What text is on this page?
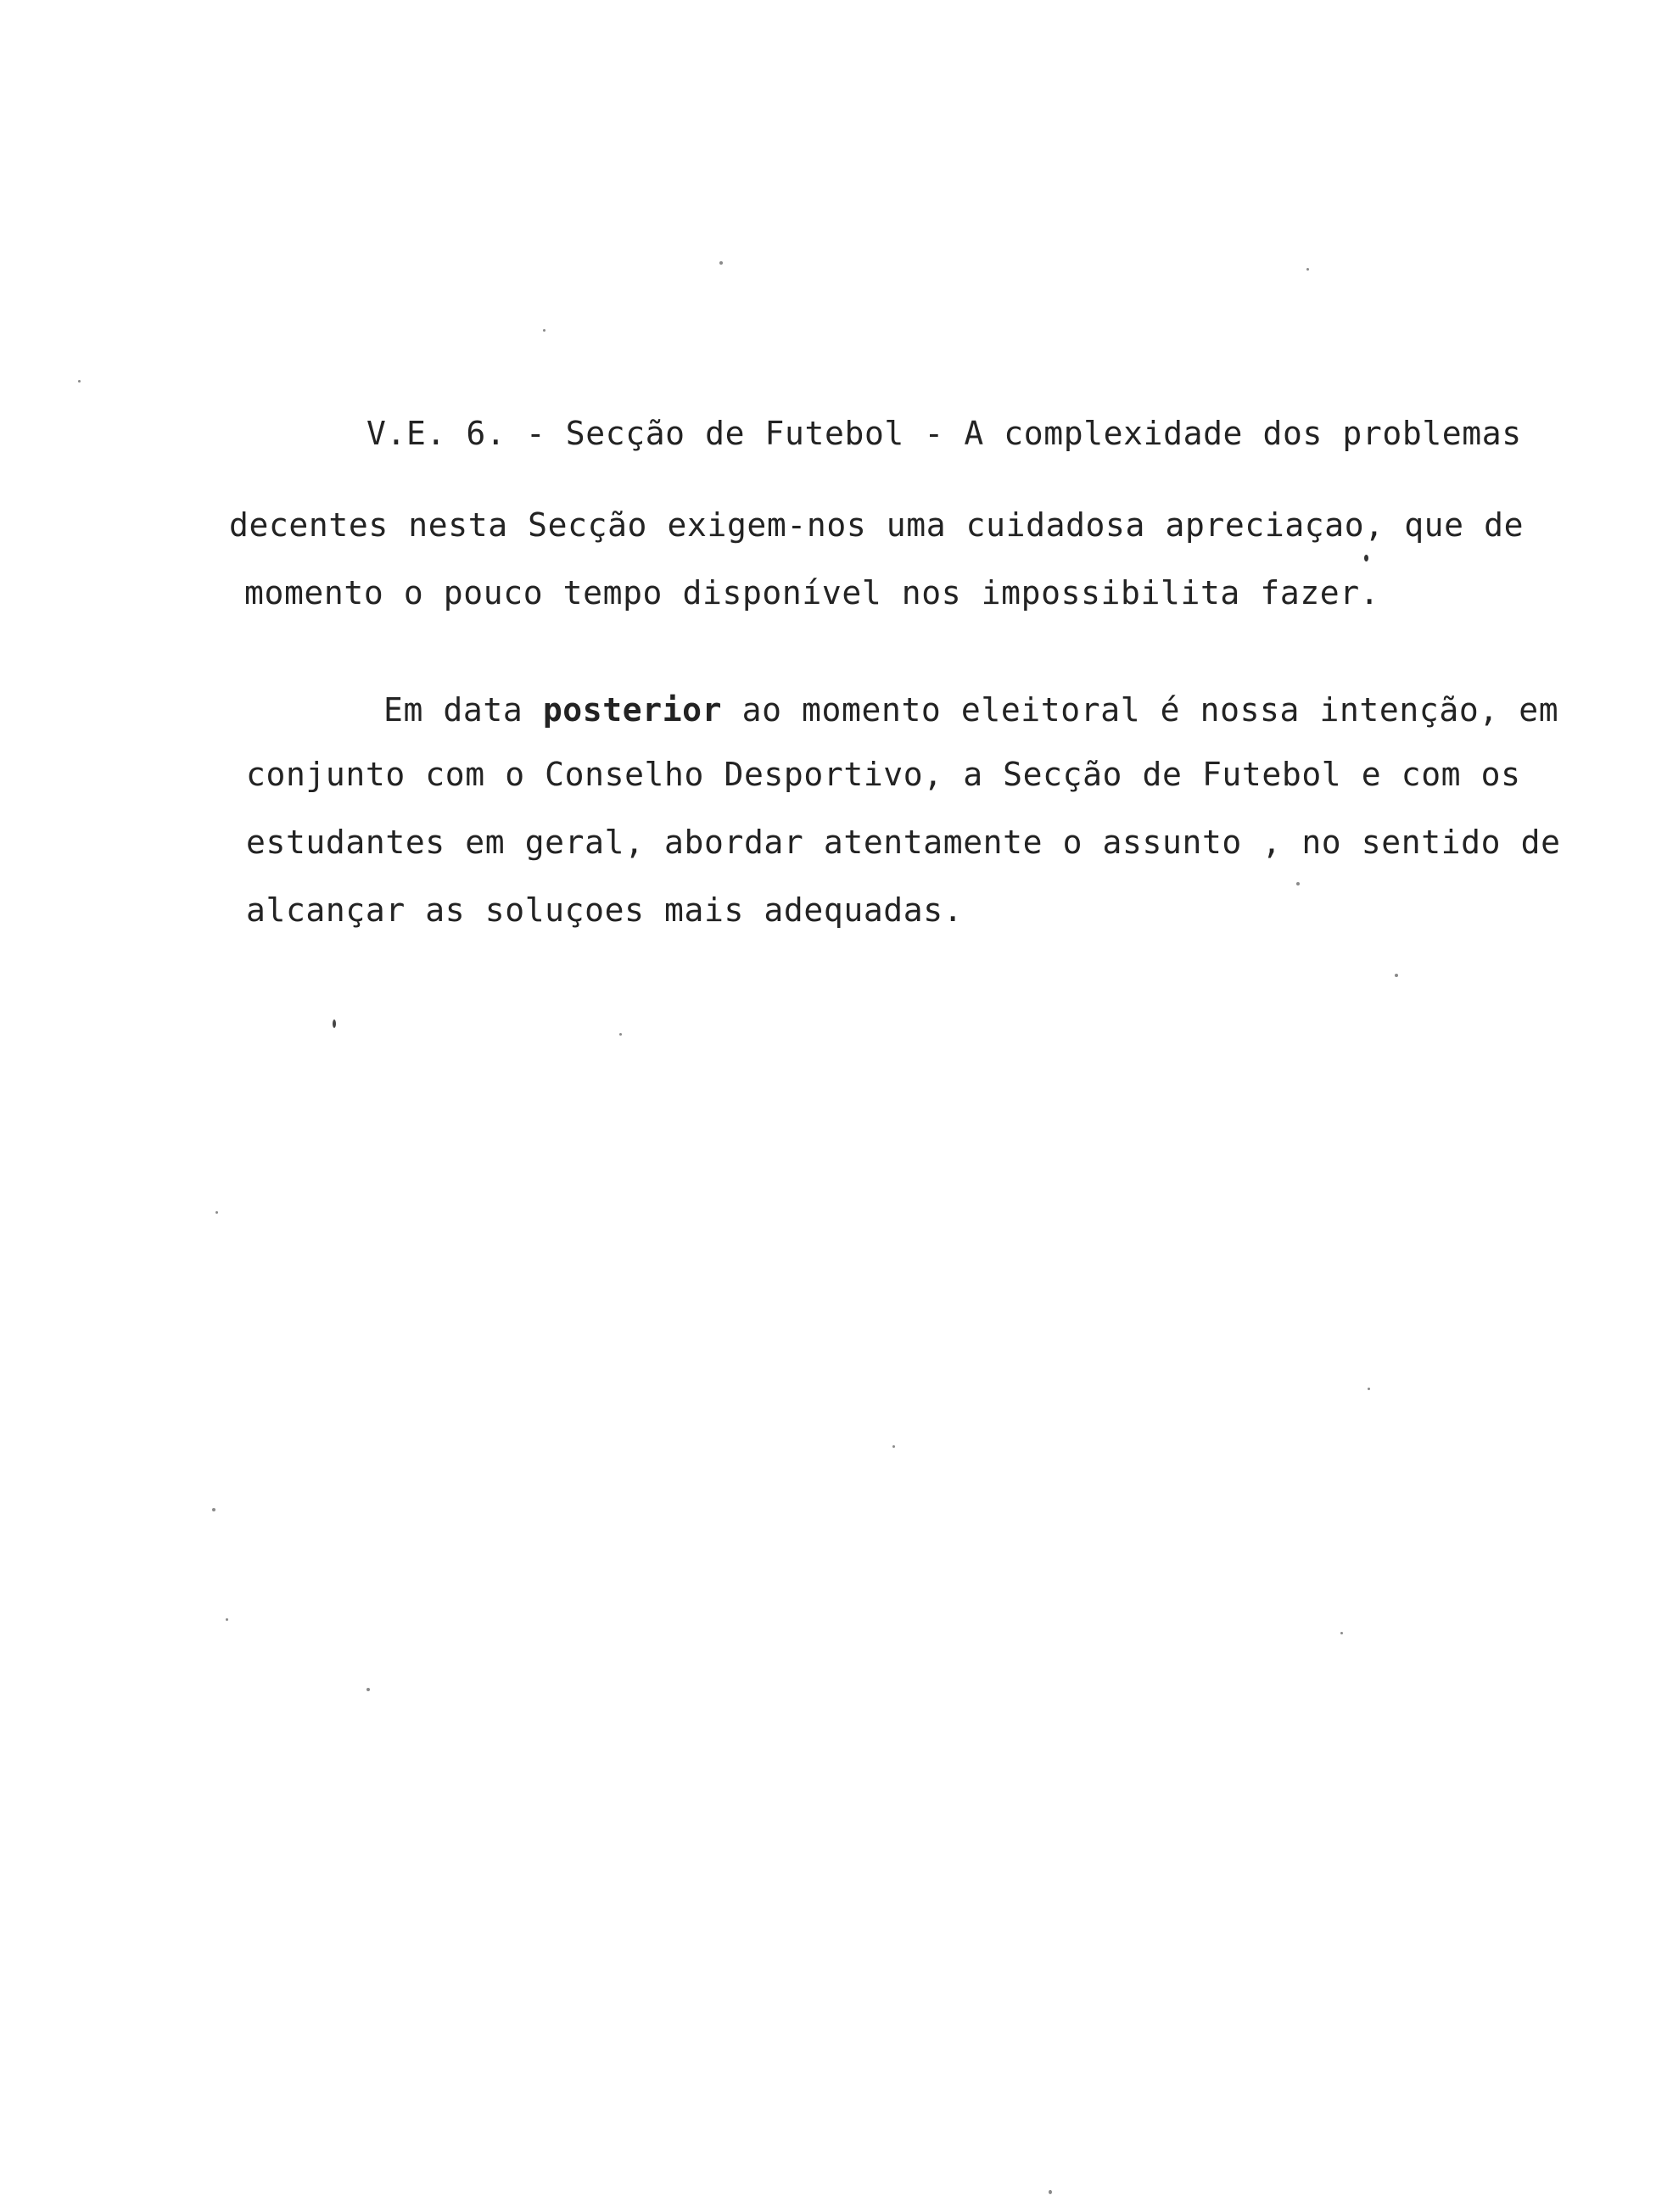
V.E. 6. - Secção de Futebol - A complexidade dos problemas
decentes nesta Secção exigem-nos uma cuidadosa apreciaçao, que de
momento o pouco tempo disponível nos impossibilita fazer.
Em data posterior ao momento eleitoral é nossa intenção, em
conjunto com o Conselho Desportivo, a Secção de Futebol e com os
estudantes em geral, abordar atentamente o assunto , no sentido de
alcançar as soluçoes mais adequadas.
